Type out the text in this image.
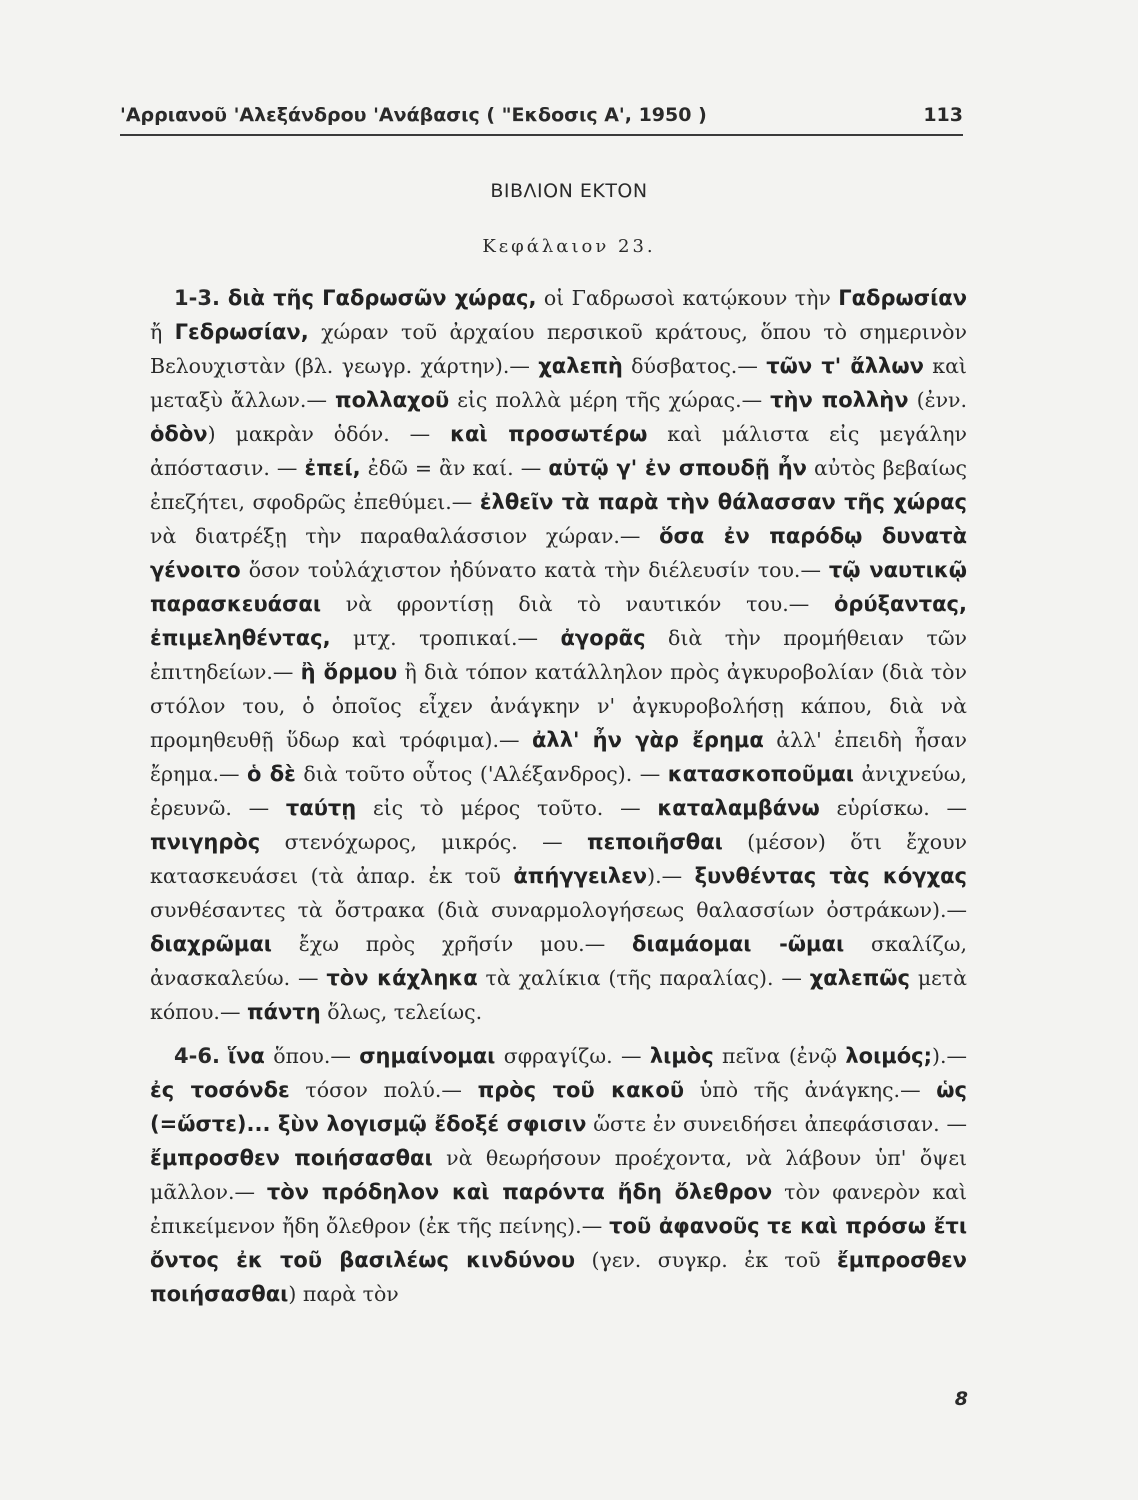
'Αρριανοῦ 'Αλεξάνδρου 'Ανάβασις ( "Εκδοσις Α', 1950 )	113
ΒΙΒΛΙΟΝ ΕΚΤΟΝ
Κεφάλαιον 23.

1-3. διὰ τῆς Γαδρωσῶν χώρας, οἱ Γαδρωσοὶ κατῴκουν τὴν Γαδρωσίαν ἤ Γεδρωσίαν, χώραν τοῦ ἀρχαίου περσικοῦ κράτους, ὅπου τὸ σημερινὸν Βελουχιστὰν (βλ. γεωγρ. χάρτην).— χαλεπὴ δύσβατος.— τῶν τ' ἄλλων καὶ μεταξὺ ἄλλων.— πολλαχοῦ εἰς πολλὰ μέρη τῆς χώρας.— τὴν πολλὴν (ἐνν. ὁδὸν) μακρὰν ὁδόν. — καὶ προσωτέρω καὶ μάλιστα εἰς μεγάλην ἀπόστασιν. — ἐπεί, ἐδῶ = ἂν καί. — αὐτῷ γ' ἐν σπουδῇ ἦν αὐτὸς βεβαίως ἐπεζήτει, σφοδρῶς ἐπεθύμει.— ἐλθεῖν τὰ παρὰ τὴν θάλασσαν τῆς χώρας νὰ διατρέξῃ τὴν παραθαλάσσιον χώραν.— ὅσα ἐν παρόδῳ δυνατὰ γένοιτο ὅσον τοὐλάχιστον ἠδύνατο κατὰ τὴν διέλευσίν του.— τῷ ναυτικῷ παρασκευάσαι νὰ φροντίσῃ διὰ τὸ ναυτικόν του.— ὀρύξαντας, ἐπιμεληθέντας, μτχ. τροπικαί.— ἀγορᾶς διὰ τὴν προμήθειαν τῶν ἐπιτηδείων.— ἢ ὅρμου ἢ διὰ τόπον κατάλληλον πρὸς ἀγκυροβολίαν (διὰ τὸν στόλον του, ὁ ὁποῖος εἶχεν ἀνάγκην ν' ἀγκυροβολήσῃ κάπου, διὰ νὰ προμηθευθῇ ὕδωρ καὶ τρόφιμα).— ἀλλ' ἦν γὰρ ἔρημα ἀλλ' ἐπειδὴ ἦσαν ἔρημα.— ὁ δὲ διὰ τοῦτο οὗτος ('Αλέξανδρος). — κατασκοποῦμαι ἀνιχνεύω, ἐρευνῶ. — ταύτῃ εἰς τὸ μέρος τοῦτο. — καταλαμβάνω εὑρίσκω. — πνιγηρὸς στενόχωρος, μικρός. — πεποιῆσθαι (μέσον) ὅτι ἔχουν κατασκευάσει (τὰ ἀπαρ. ἐκ τοῦ ἀπήγγειλεν).— ξυνθέντας τὰς κόγχας συνθέσαντες τὰ ὄστρακα (διὰ συναρμολογήσεως θαλασσίων ὀστράκων).— διαχρῶμαι ἔχω πρὸς χρῆσίν μου.— διαμάομαι -ῶμαι σκαλίζω, ἀνασκαλεύω. — τὸν κάχληκα τὰ χαλίκια (τῆς παραλίας). — χαλεπῶς μετὰ κόπου.— πάντη ὅλως, τελείως.

4-6. ἵνα ὅπου.— σημαίνομαι σφραγίζω. — λιμὸς πεῖνα (ἐνῷ λοιμός;).— ἐς τοσόνδε τόσον πολύ.— πρὸς τοῦ κακοῦ ὑπὸ τῆς ἀνάγκης.— ὡς (=ὥστε)... ξὺν λογισμῷ ἔδοξέ σφισιν ὥστε ἐν συνειδήσει ἀπεφάσισαν. — ἔμπροσθεν ποιήσασθαι νὰ θεωρήσουν προέχοντα, νὰ λάβουν ὑπ' ὄψει μᾶλλον.— τὸν πρόδηλον καὶ παρόντα ἤδη ὄλεθρον τὸν φανερὸν καὶ ἐπικείμενον ἤδη ὄλεθρον (ἐκ τῆς πείνης).— τοῦ ἀφανοῦς τε καὶ πρόσω ἔτι ὄντος ἐκ τοῦ βασιλέως κινδύνου (γεν. συγκρ. ἐκ τοῦ ἔμπροσθεν ποιήσασθαι) παρὰ τὸν

8
